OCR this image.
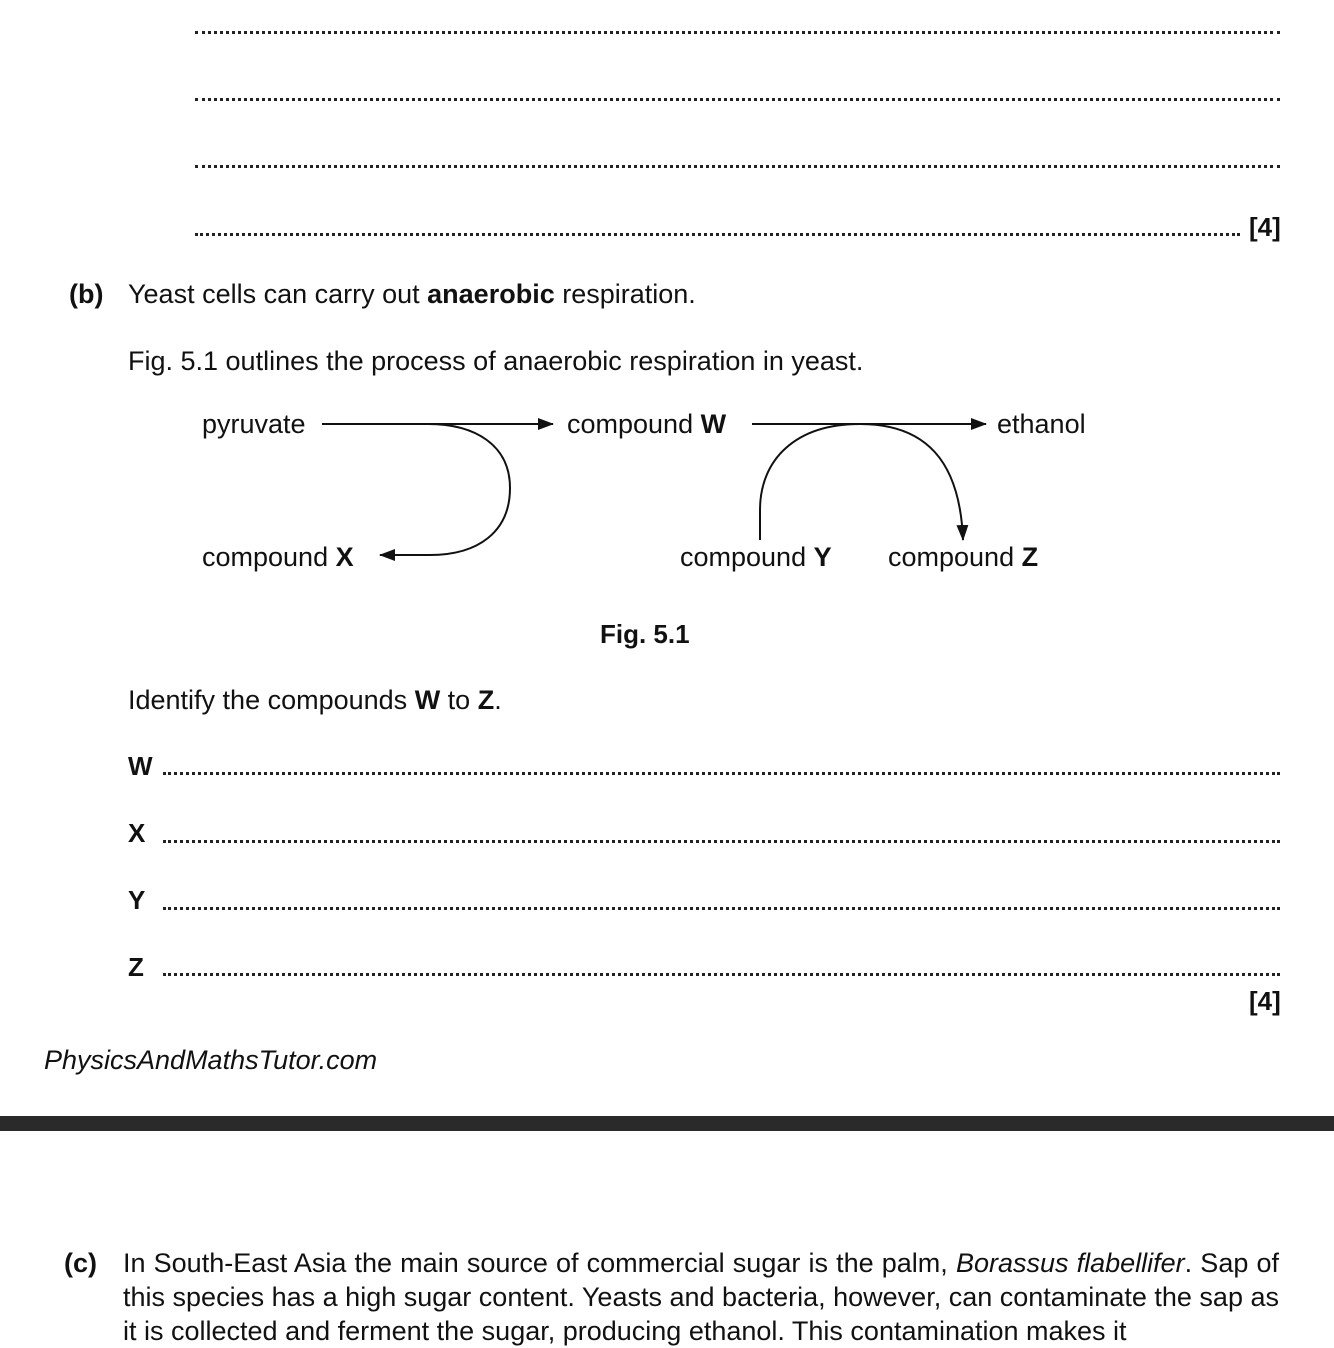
[4]
(b) Yeast cells can carry out anaerobic respiration.
Fig. 5.1 outlines the process of anaerobic respiration in yeast.
pyruvate	compound W	ethanol
compound X	compound Y compound Z
Fig. 5.1
Identify the compounds W to Z.
W
X
Y
Z
[4]
PhysicsAndMathsTutor.com
(c) In South-East Asia the main source of commercial sugar is the palm, Borassus flabellifer. Sap of this species has a high sugar content. Yeasts and bacteria, however, can contaminate the sap as it is collected and ferment the sugar, producing ethanol. This contamination makes it
